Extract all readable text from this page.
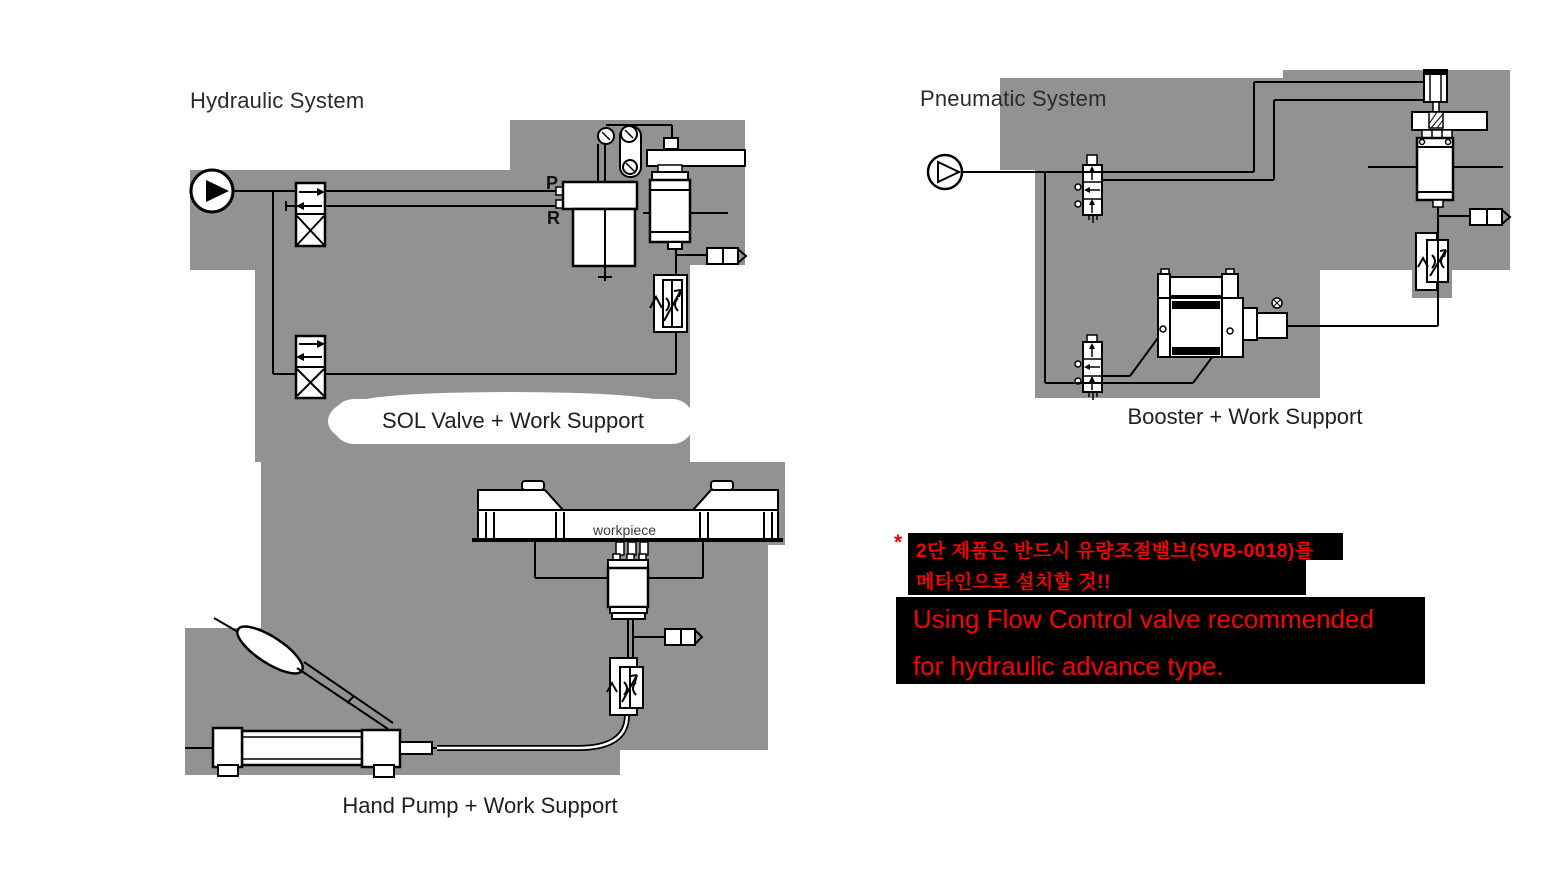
Hydraulic System	Pneumatic System
P
R
SOL Valve + Work Support	Booster + Work Support
Hand Pump + Work Support
workpiece
* 2단 제품은 반드시 유량조절밸브(SVB-0018)를
메타인으로 설치할 것!!
Using Flow Control valve recommended
for hydraulic advance type.
